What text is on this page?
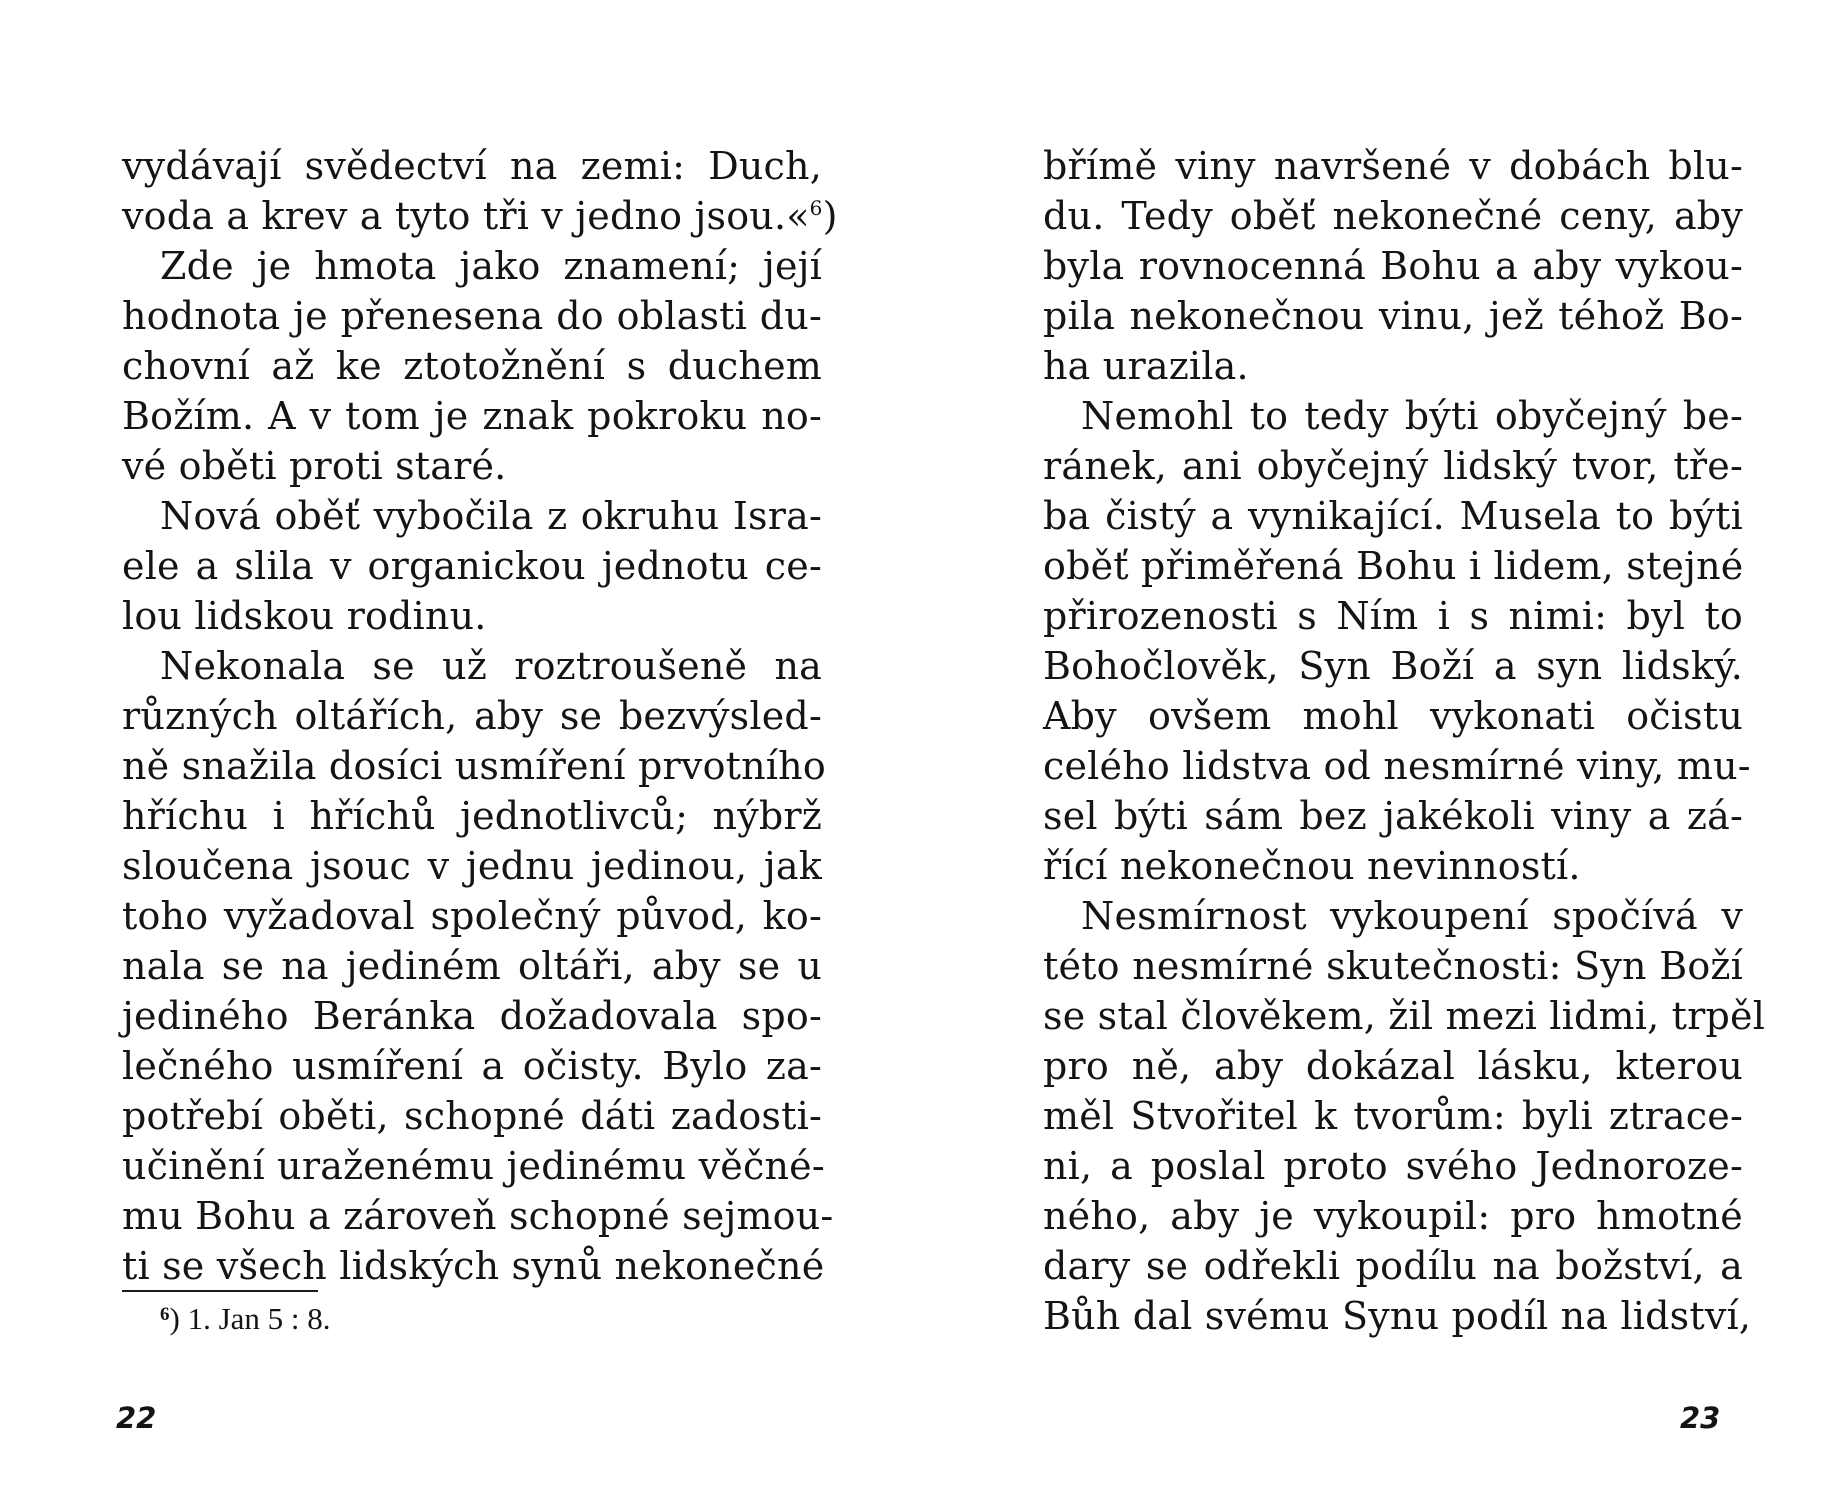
vydávají svědectví na zemi: Duch,
voda a krev a tyto tři v jedno jsou.«$^6$)
Zde je hmota jako znamení; její
hodnota je přenesena do oblasti du-
chovní až ke ztotožnění s duchem
Božím. A v tom je znak pokroku no-
vé oběti proti staré.
Nová oběť vybočila z okruhu Isra-
ele a slila v organickou jednotu ce-
lou lidskou rodinu.
Nekonala se už roztroušeně na
různých oltářích, aby se bezvýsled-
ně snažila dosíci usmíření prvotního
hříchu i hříchů jednotlivců; nýbrž
sloučena jsouc v jednu jedinou, jak
toho vyžadoval společný původ, ko-
nala se na jediném oltáři, aby se u
jediného Beránka dožadovala spo-
lečného usmíření a očisty. Bylo za-
potřebí oběti, schopné dáti zadosti-
učinění uraženému jedinému věčné-
mu Bohu a zároveň schopné sejmou-
ti se všech lidských synů nekonečné
$^6$) 1. Jan 5 : 8.
22
břímě viny navršené v dobách blu-
du. Tedy oběť nekonečné ceny, aby
byla rovnocenná Bohu a aby vykou-
pila nekonečnou vinu, jež téhož Bo-
ha urazila.
Nemohl to tedy býti obyčejný be-
ránek, ani obyčejný lidský tvor, tře-
ba čistý a vynikající. Musela to býti
oběť přiměřená Bohu i lidem, stejné
přirozenosti s Ním i s nimi: byl to
Bohočlověk, Syn Boží a syn lidský.
Aby ovšem mohl vykonati očistu
celého lidstva od nesmírné viny, mu-
sel býti sám bez jakékoli viny a zá-
řící nekonečnou nevinností.
Nesmírnost vykoupení spočívá v
této nesmírné skutečnosti: Syn Boží
se stal člověkem, žil mezi lidmi, trpěl
pro ně, aby dokázal lásku, kterou
měl Stvořitel k tvorům: byli ztrace-
ni, a poslal proto svého Jednoroze-
ného, aby je vykoupil: pro hmotné
dary se odřekli podílu na božství, a
Bůh dal svému Synu podíl na lidství,
23
